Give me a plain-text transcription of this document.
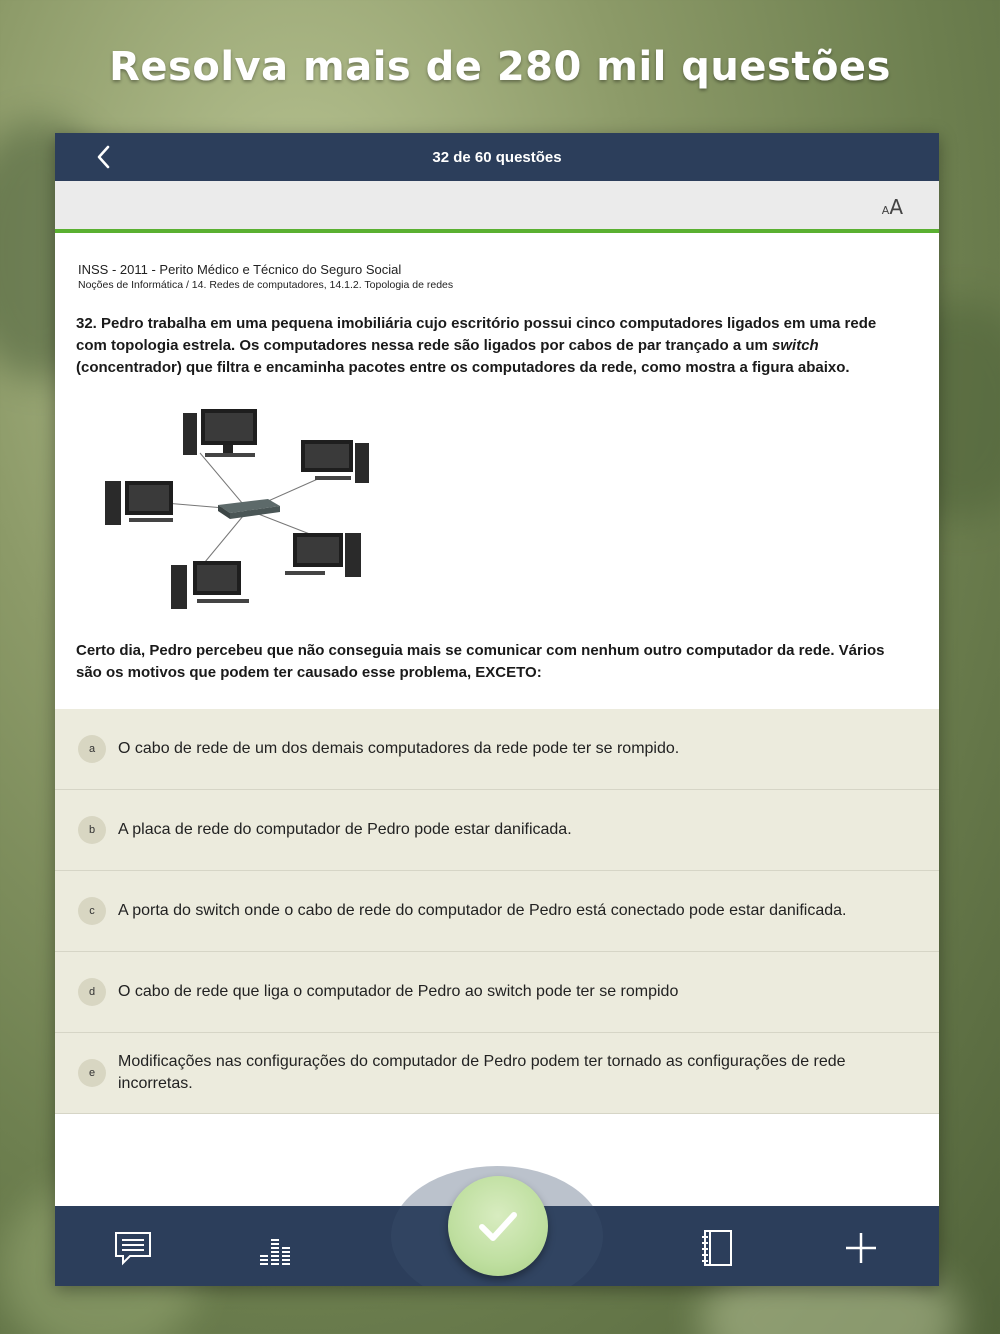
Resolva mais de 280 mil questões
32 de 60 questões
AA
INSS - 2011 - Perito Médico e Técnico do Seguro Social
Noções de Informática / 14. Redes de computadores, 14.1.2. Topologia de redes
32. Pedro trabalha em uma pequena imobiliária cujo escritório possui cinco computadores ligados em uma rede com topologia estrela. Os computadores nessa rede são ligados por cabos de par trançado a um switch (concentrador) que filtra e encaminha pacotes entre os computadores da rede, como mostra a figura abaixo.
Certo dia, Pedro percebeu que não conseguia mais se comunicar com nenhum outro computador da rede. Vários são os motivos que podem ter causado esse problema, EXCETO:
a	O cabo de rede de um dos demais computadores da rede pode ter se rompido.
b	A placa de rede do computador de Pedro pode estar danificada.
c	A porta do switch onde o cabo de rede do computador de Pedro está conectado pode estar danificada.
d	O cabo de rede que liga o computador de Pedro ao switch pode ter se rompido
e
Modificações nas configurações do computador de Pedro podem ter tornado as configurações de rede incorretas.
